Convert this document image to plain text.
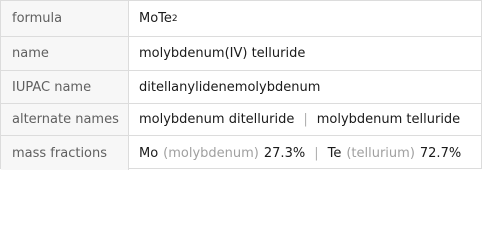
formula	MoTe 2
name	molybdenum(IV) telluride
IUPAC name	ditellanylidenemolybdenum
alternate names	molybdenum ditelluride | molybdenum telluride
mass fractions	Mo (molybdenum) 27.3% | Te (tellurium) 72.7%
